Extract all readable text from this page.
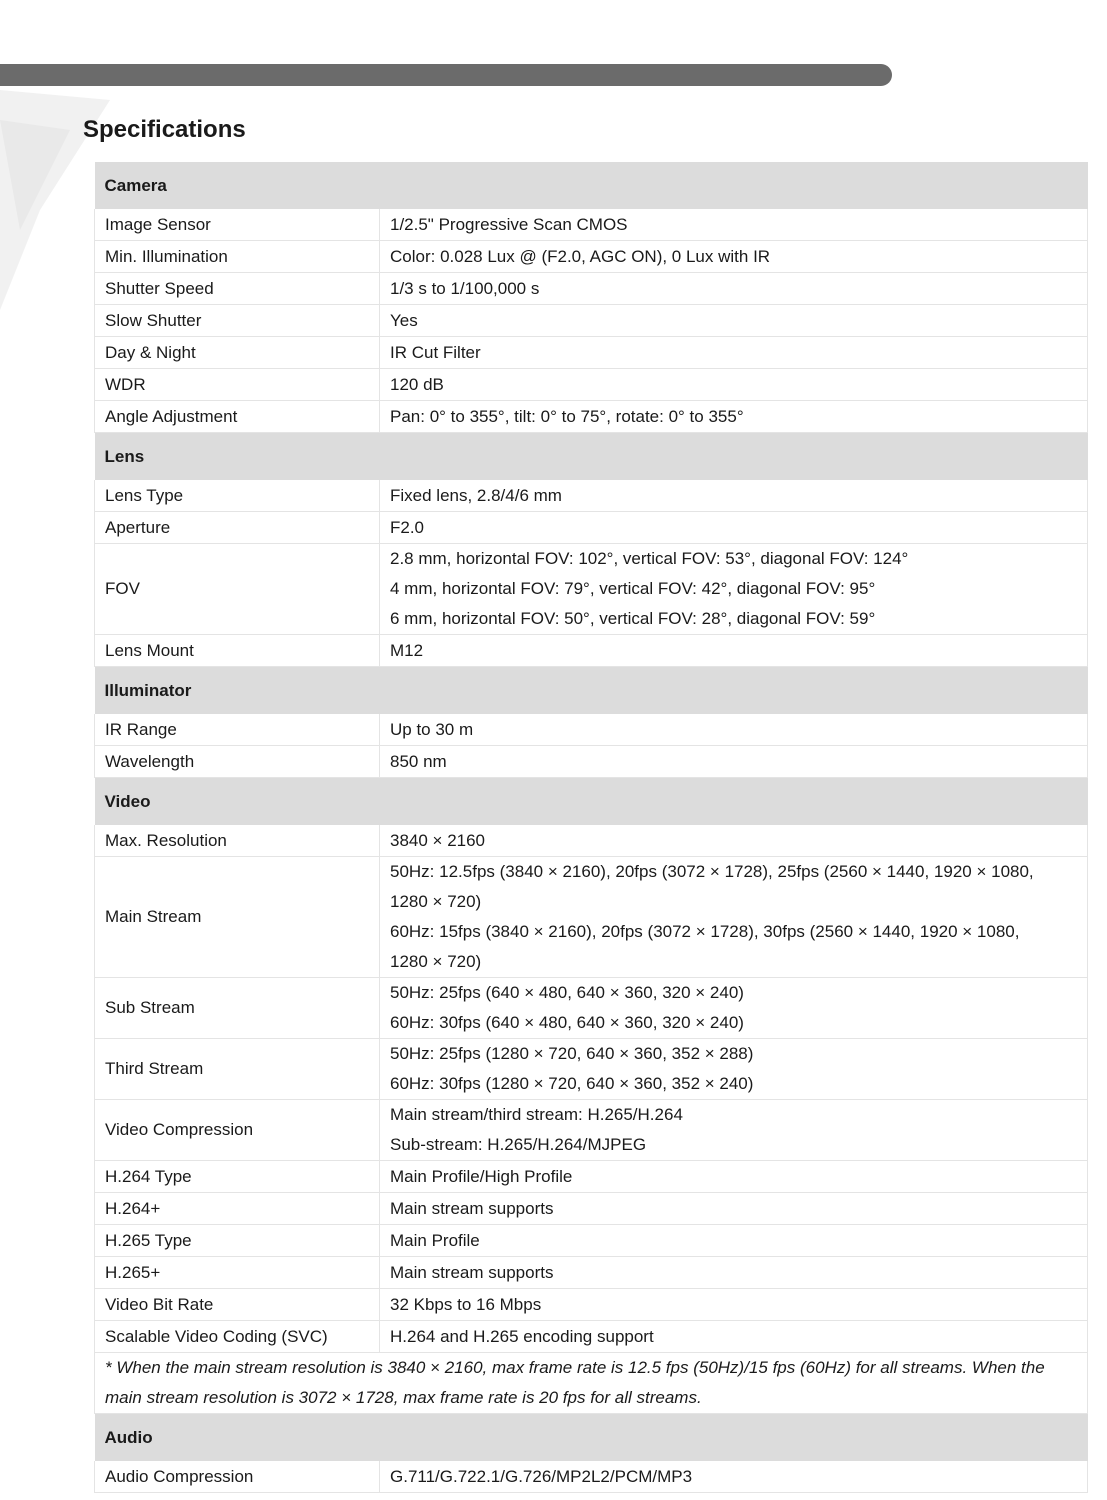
Specifications
Camera	
Image Sensor	1/2.5" Progressive Scan CMOS

Min. Illumination	Color: 0.028 Lux @ (F2.0, AGC ON), 0 Lux with IR

Shutter Speed	1/3 s to 1/100,000 s

Slow Shutter	Yes

Day & Night	IR Cut Filter

WDR	120 dB

Angle Adjustment	Pan: 0° to 355°, tilt: 0° to 75°, rotate: 0° to 355°

Lens	
Lens Type	Fixed lens, 2.8/4/6 mm

Aperture	F2.0

FOV	2.8 mm, horizontal FOV: 102°, vertical FOV: 53°, diagonal FOV: 124°
4 mm, horizontal FOV: 79°, vertical FOV: 42°, diagonal FOV: 95°
6 mm, horizontal FOV: 50°, vertical FOV: 28°, diagonal FOV: 59°

Lens Mount	M12

Illuminator	
IR Range	Up to 30 m

Wavelength	850 nm

Video	
Max. Resolution	3840 × 2160

Main Stream	50Hz: 12.5fps (3840 × 2160), 20fps (3072 × 1728), 25fps (2560 × 1440, 1920 × 1080,
1280 × 720)
60Hz: 15fps (3840 × 2160), 20fps (3072 × 1728), 30fps (2560 × 1440, 1920 × 1080,
1280 × 720)

Sub Stream	50Hz: 25fps (640 × 480, 640 × 360, 320 × 240)
60Hz: 30fps (640 × 480, 640 × 360, 320 × 240)

Third Stream	50Hz: 25fps (1280 × 720, 640 × 360, 352 × 288)
60Hz: 30fps (1280 × 720, 640 × 360, 352 × 240)

Video Compression	Main stream/third stream: H.265/H.264
Sub-stream: H.265/H.264/MJPEG

H.264 Type	Main Profile/High Profile

H.264+	Main stream supports

H.265 Type	Main Profile

H.265+	Main stream supports

Video Bit Rate	32 Kbps to 16 Mbps

Scalable Video Coding (SVC)	H.264 and H.265 encoding support

* When the main stream resolution is 3840 × 2160, max frame rate is 12.5 fps (50Hz)/15 fps (60Hz) for all streams. When the main stream resolution is 3072 × 1728, max frame rate is 20 fps for all streams.	
Audio	
Audio Compression	G.711/G.722.1/G.726/MP2L2/PCM/MP3
